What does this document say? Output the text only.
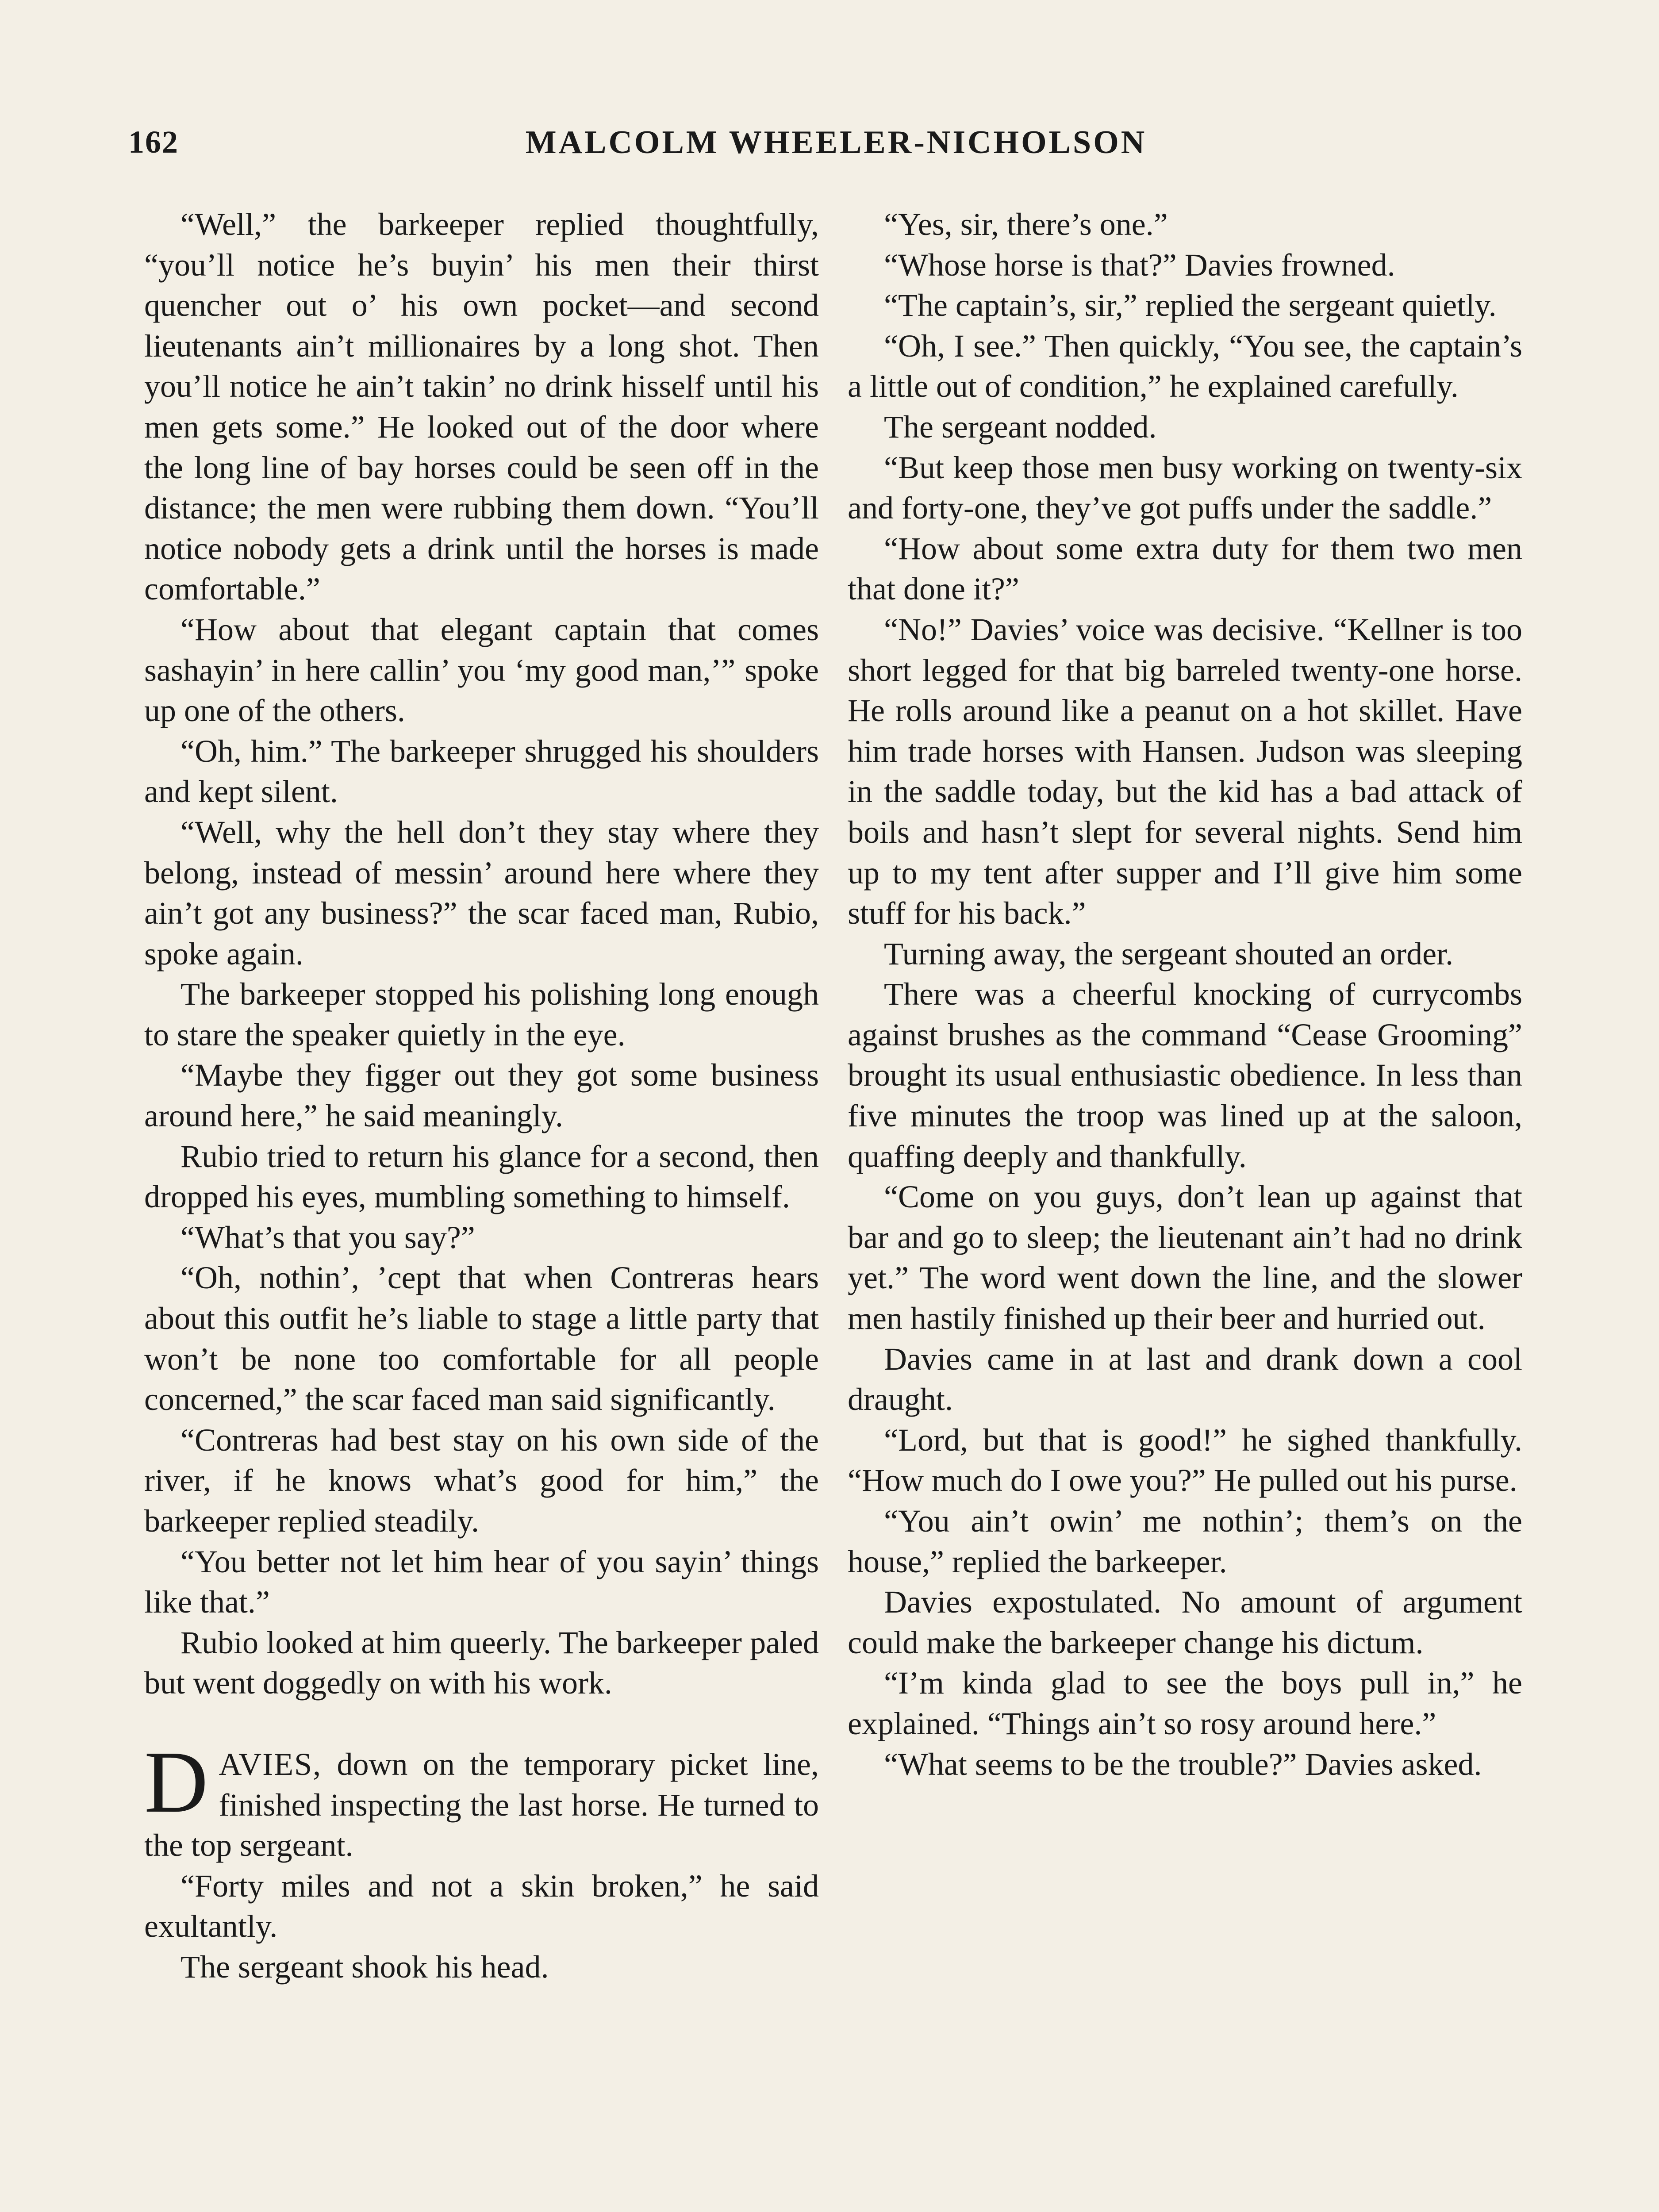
162	MALCOLM WHEELER-NICHOLSON

“Well,” the barkeeper replied thoughtfully, “you’ll notice he’s buyin’ his men their thirst quencher out o’ his own pocket—and second lieutenants ain’t millionaires by a long shot. Then you’ll notice he ain’t takin’ no drink hisself until his men gets some.” He looked out of the door where the long line of bay horses could be seen off in the distance; the men were rubbing them down. “You’ll notice nobody gets a drink until the horses is made comfortable.”

“How about that elegant captain that comes sashayin’ in here callin’ you ‘my good man,’” spoke up one of the others.

“Oh, him.” The barkeeper shrugged his shoulders and kept silent.

“Well, why the hell don’t they stay where they belong, instead of messin’ around here where they ain’t got any business?” the scar faced man, Rubio, spoke again.

The barkeeper stopped his polishing long enough to stare the speaker quietly in the eye.

“Maybe they figger out they got some business around here,” he said meaningly.

Rubio tried to return his glance for a second, then dropped his eyes, mumbling something to himself.

“What’s that you say?”

“Oh, nothin’, ’cept that when Contreras hears about this outfit he’s liable to stage a little party that won’t be none too comfortable for all people concerned,” the scar faced man said significantly.

“Contreras had best stay on his own side of the river, if he knows what’s good for him,” the barkeeper replied steadily.

“You better not let him hear of you sayin’ things like that.”

Rubio looked at him queerly. The barkeeper paled but went doggedly on with his work.

DAVIES, down on the temporary picket line, finished inspecting the last horse. He turned to the top sergeant.

“Forty miles and not a skin broken,” he said exultantly.

The sergeant shook his head.

“Yes, sir, there’s one.”

“Whose horse is that?” Davies frowned.

“The captain’s, sir,” replied the sergeant quietly.

“Oh, I see.” Then quickly, “You see, the captain’s a little out of condition,” he explained carefully.

The sergeant nodded.

“But keep those men busy working on twenty-six and forty-one, they’ve got puffs under the saddle.”

“How about some extra duty for them two men that done it?”

“No!” Davies’ voice was decisive. “Kellner is too short legged for that big barreled twenty-one horse. He rolls around like a peanut on a hot skillet. Have him trade horses with Hansen. Judson was sleeping in the saddle today, but the kid has a bad attack of boils and hasn’t slept for several nights. Send him up to my tent after supper and I’ll give him some stuff for his back.”

Turning away, the sergeant shouted an order.

There was a cheerful knocking of currycombs against brushes as the command “Cease Grooming” brought its usual enthusiastic obedience. In less than five minutes the troop was lined up at the saloon, quaffing deeply and thankfully.

“Come on you guys, don’t lean up against that bar and go to sleep; the lieutenant ain’t had no drink yet.” The word went down the line, and the slower men hastily finished up their beer and hurried out.

Davies came in at last and drank down a cool draught.

“Lord, but that is good!” he sighed thankfully. “How much do I owe you?” He pulled out his purse.

“You ain’t owin’ me nothin’; them’s on the house,” replied the barkeeper.

Davies expostulated. No amount of argument could make the barkeeper change his dictum.

“I’m kinda glad to see the boys pull in,” he explained. “Things ain’t so rosy around here.”

“What seems to be the trouble?” Davies asked.
